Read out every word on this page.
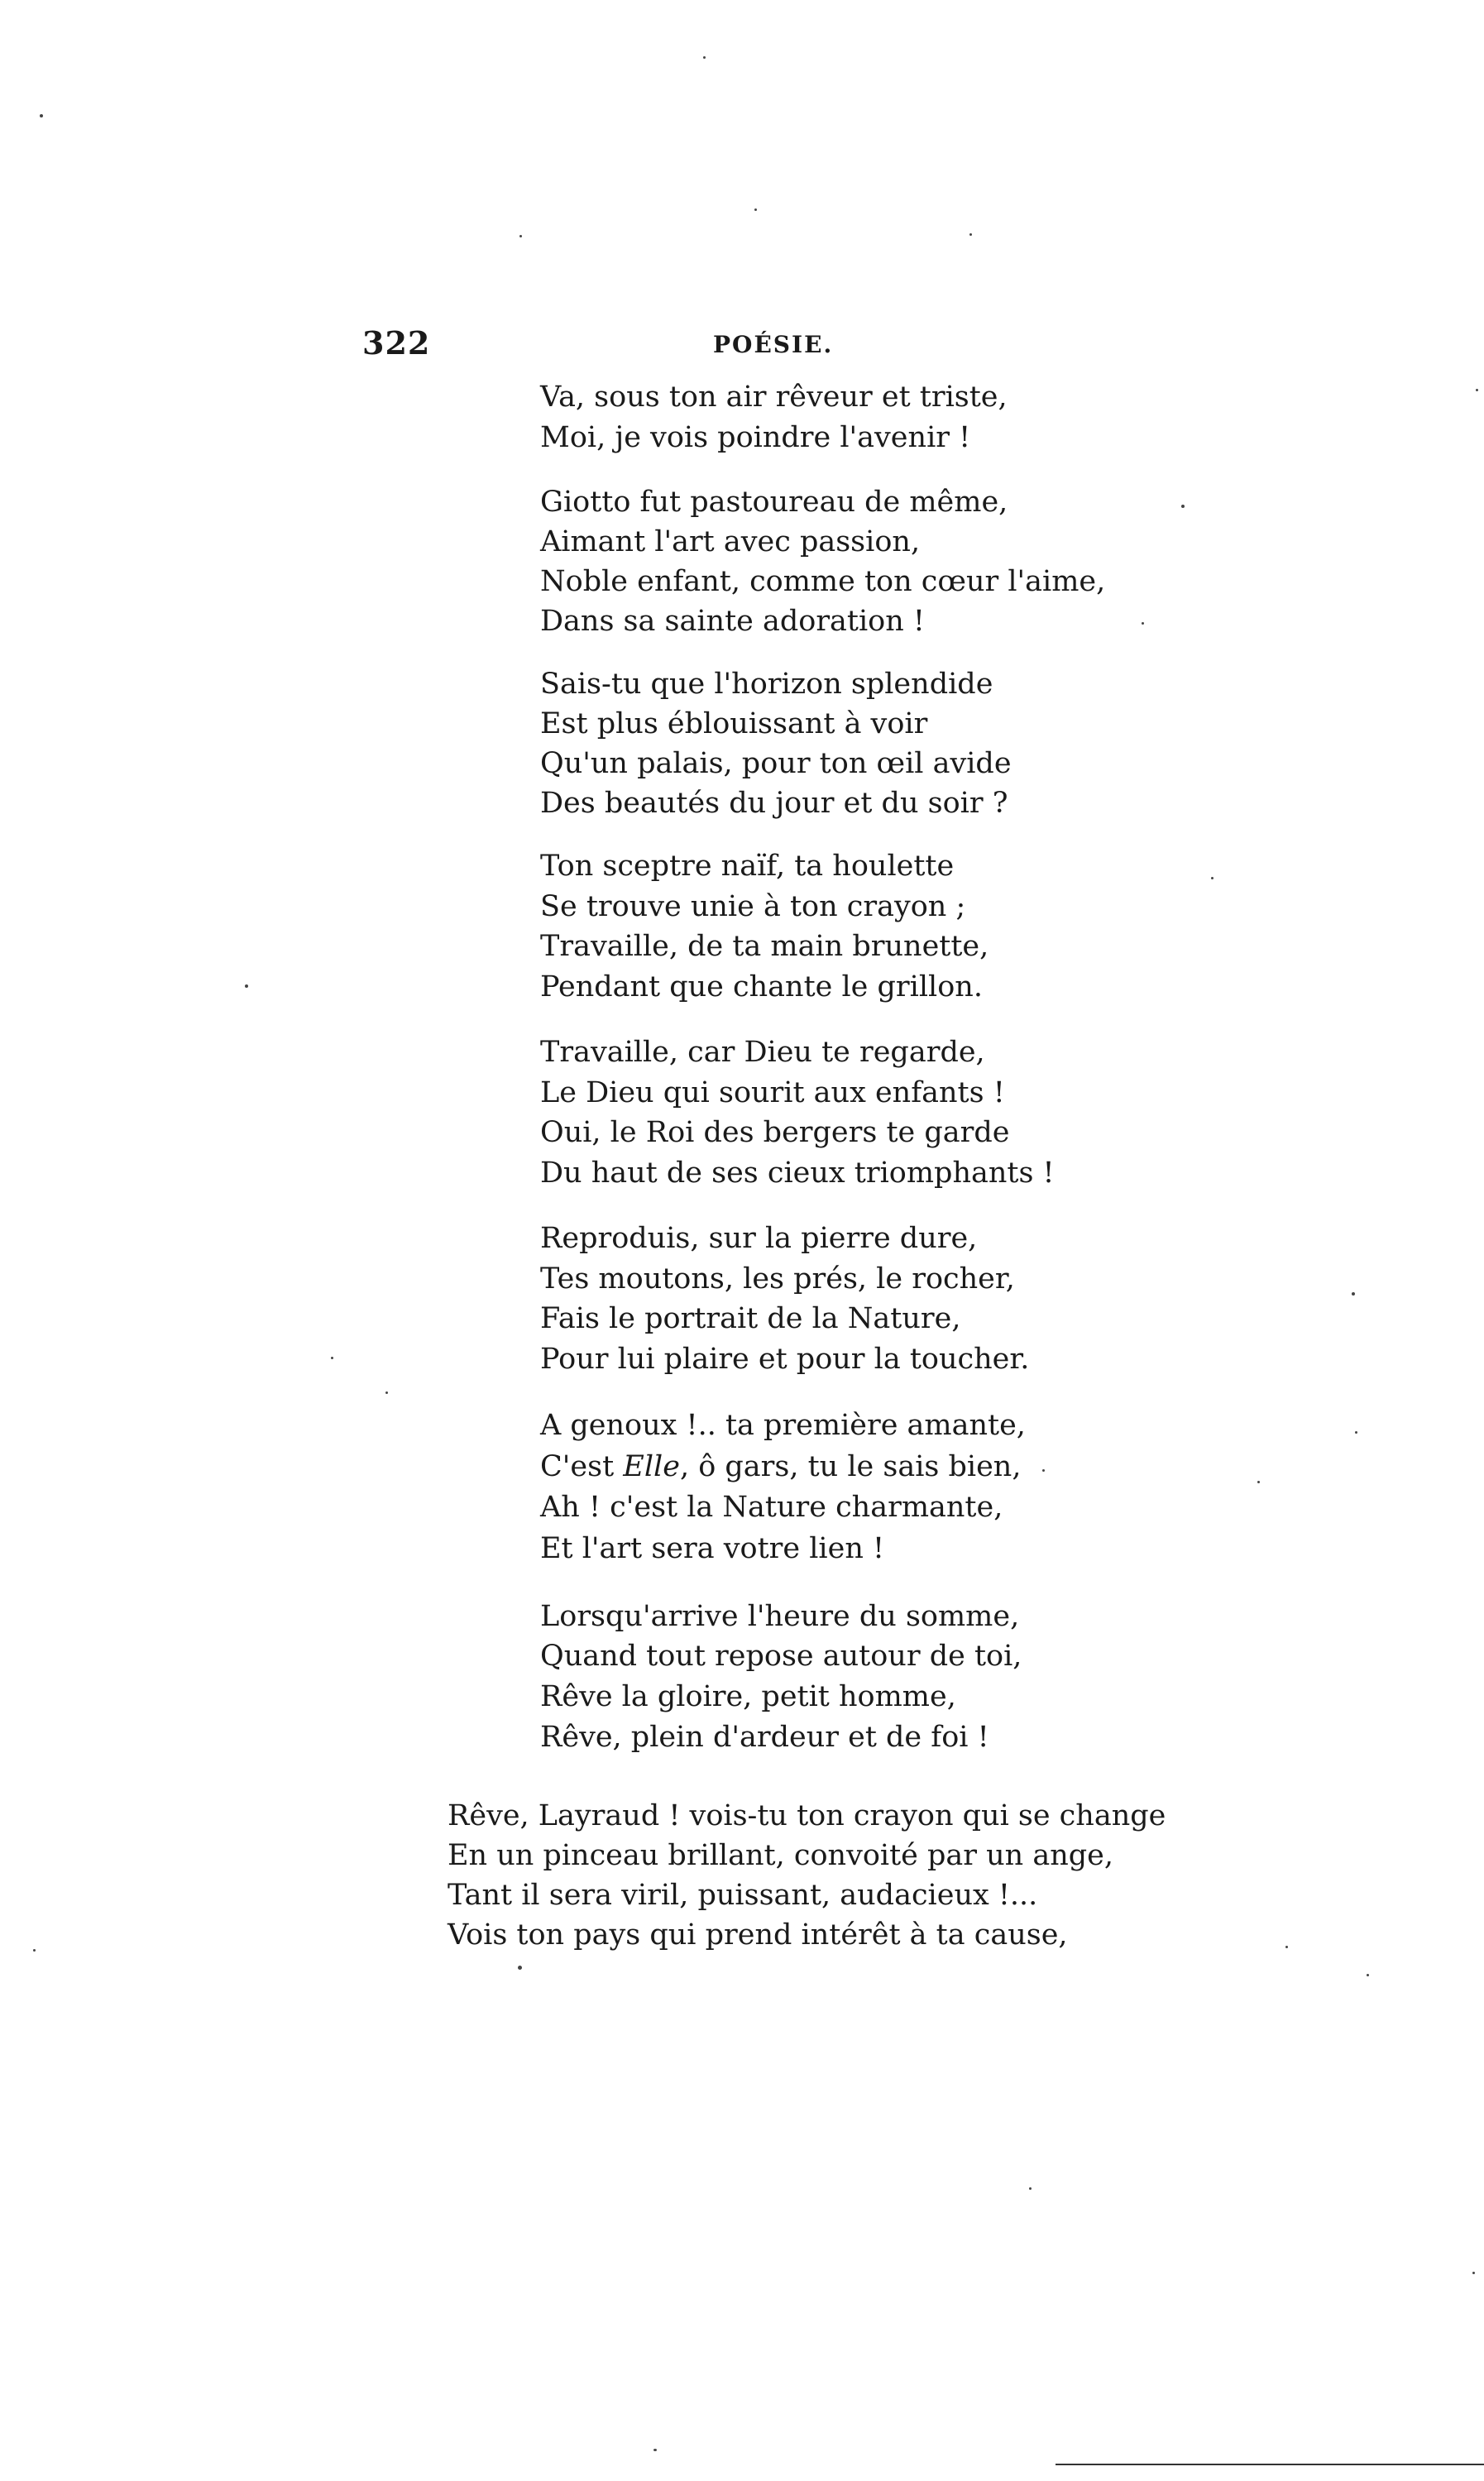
322	POÉSIE.
Va, sous ton air rêveur et triste,
Moi, je vois poindre l'avenir !
Giotto fut pastoureau de même,
Aimant l'art avec passion,
Noble enfant, comme ton cœur l'aime,
Dans sa sainte adoration !
Sais-tu que l'horizon splendide
Est plus éblouissant à voir
Qu'un palais, pour ton œil avide
Des beautés du jour et du soir ?
Ton sceptre naïf, ta houlette
Se trouve unie à ton crayon ;
Travaille, de ta main brunette,
Pendant que chante le grillon.
Travaille, car Dieu te regarde,
Le Dieu qui sourit aux enfants !
Oui, le Roi des bergers te garde
Du haut de ses cieux triomphants !
Reproduis, sur la pierre dure,
Tes moutons, les prés, le rocher,
Fais le portrait de la Nature,
Pour lui plaire et pour la toucher.
A genoux !.. ta première amante,
C'est Elle, ô gars, tu le sais bien,
Ah ! c'est la Nature charmante,
Et l'art sera votre lien !
Lorsqu'arrive l'heure du somme,
Quand tout repose autour de toi,
Rêve la gloire, petit homme,
Rêve, plein d'ardeur et de foi !
Rêve, Layraud ! vois-tu ton crayon qui se change
En un pinceau brillant, convoité par un ange,
Tant il sera viril, puissant, audacieux !...
Vois ton pays qui prend intérêt à ta cause,
